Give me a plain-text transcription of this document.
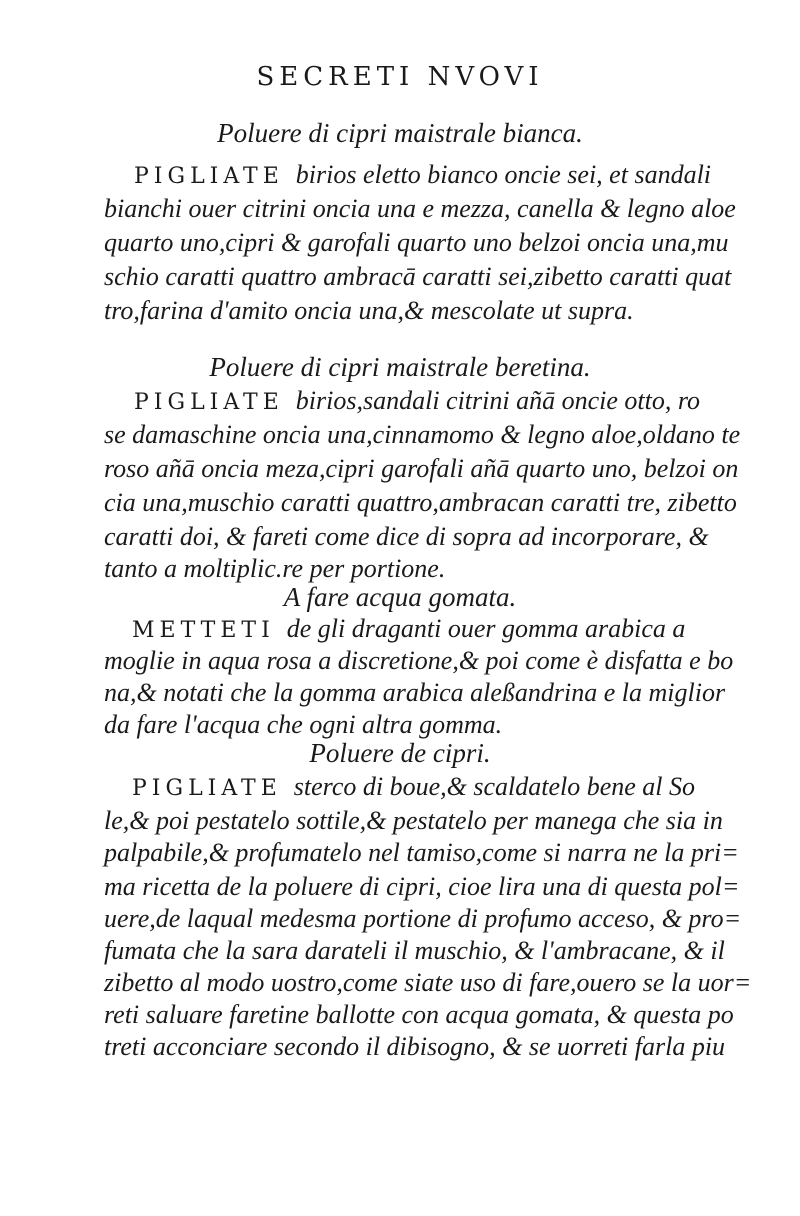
SECRETI NVOVI
Poluere di cipri maistrale bianca.
PIGLIATE birios eletto bianco oncie sei, et sandali
bianchi ouer citrini oncia una e mezza, canella & legno aloe
quarto uno,cipri & garofali quarto uno belzoi oncia una,mu
schio caratti quattro ambracā caratti sei,zibetto caratti quat
tro,farina d'amito oncia una,& mescolate ut supra.
Poluere di cipri maistrale beretina.
PIGLIATE birios,sandali citrini añā oncie otto, ro
se damaschine oncia una,cinnamomo & legno aloe,oldano te
roso añā oncia meza,cipri garofali añā quarto uno, belzoi on
cia una,muschio caratti quattro,ambracan caratti tre, zibetto
caratti doi, & fareti come dice di sopra ad incorporare, &
tanto a moltiplic.re per portione.
A fare acqua gomata.
METTETI de gli draganti ouer gomma arabica a
moglie in aqua rosa a discretione,& poi come è disfatta e bo
na,& notati che la gomma arabica aleßandrina e la miglior
da fare l'acqua che ogni altra gomma.
Poluere de cipri.
PIGLIATE sterco di boue,& scaldatelo bene al So
le,& poi pestatelo sottile,& pestatelo per manega che sia in
palpabile,& profumatelo nel tamiso,come si narra ne la pri=
ma ricetta de la poluere di cipri, cioe lira una di questa pol=
uere,de laqual medesma portione di profumo acceso, & pro=
fumata che la sara darateli il muschio, & l'ambracane, & il
zibetto al modo uostro,come siate uso di fare,ouero se la uor=
reti saluare faretine ballotte con acqua gomata, & questa po
treti acconciare secondo il dibisogno, & se uorreti farla piu
